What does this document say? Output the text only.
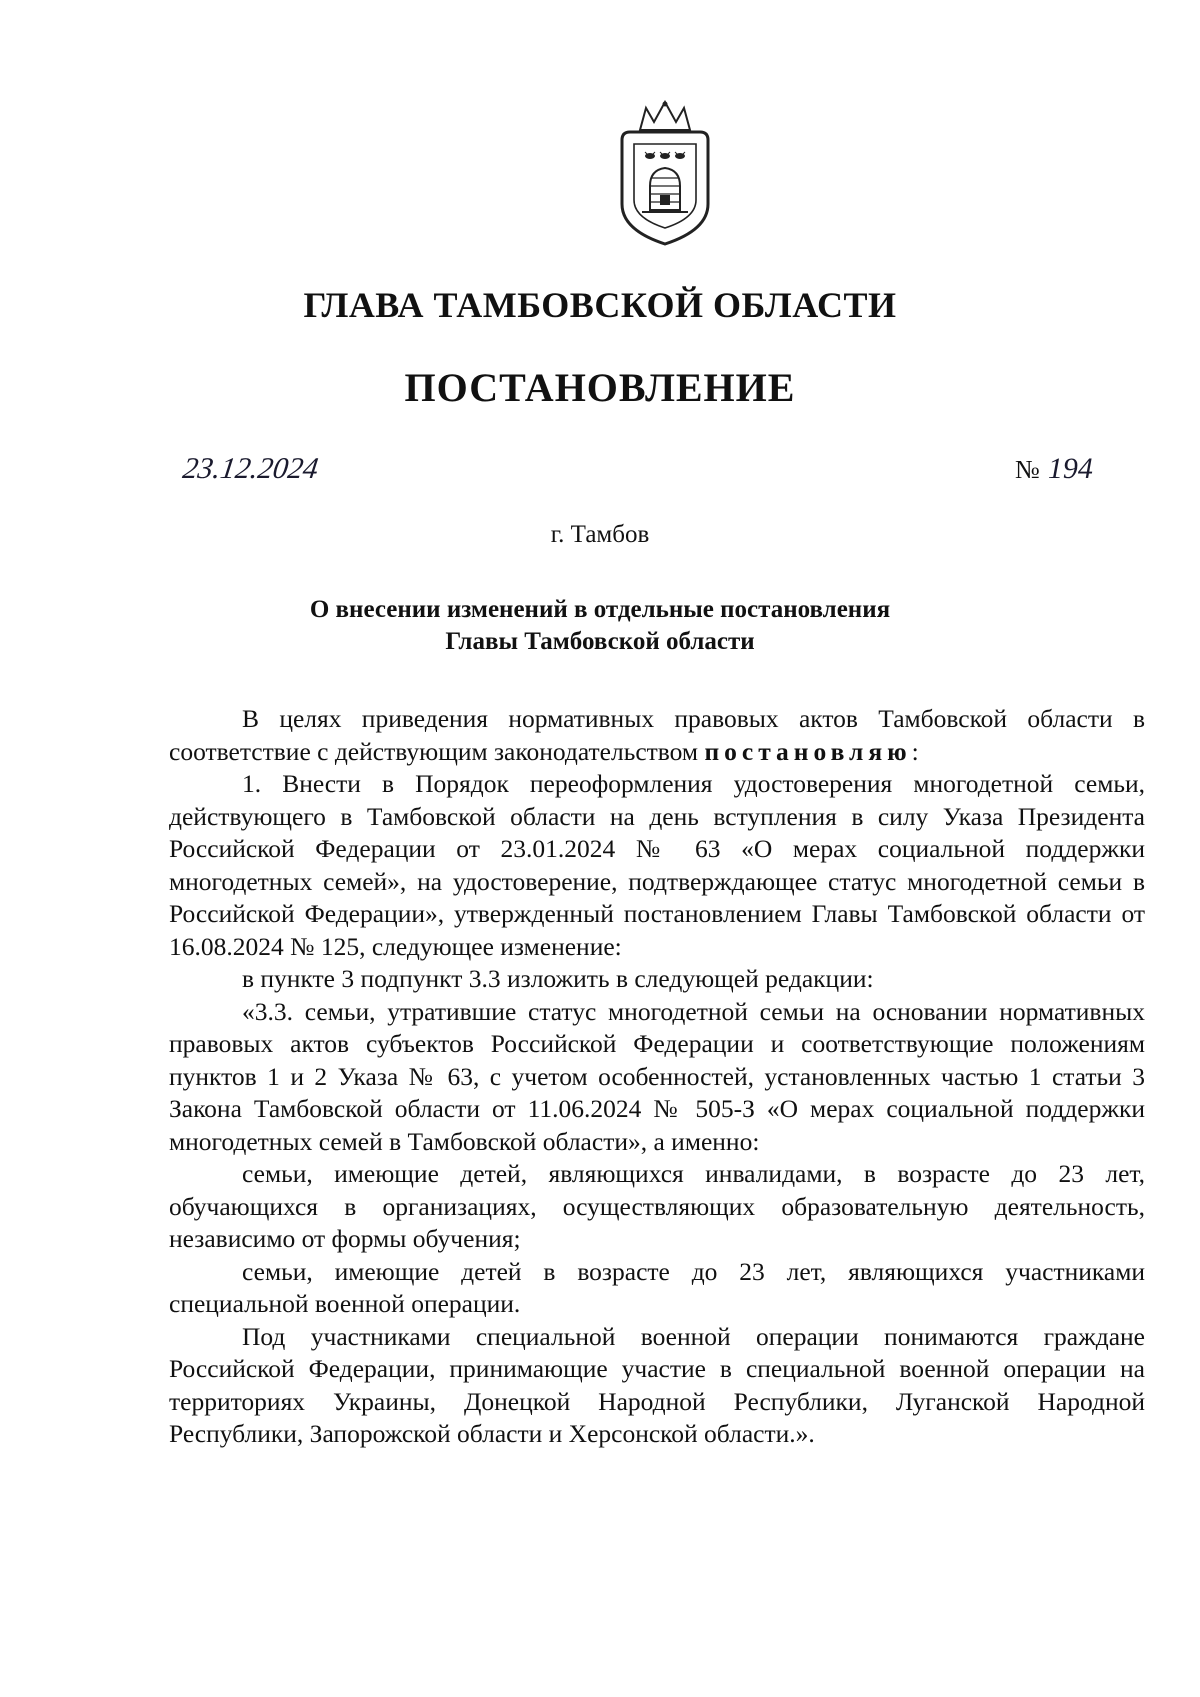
ГЛАВА ТАМБОВСКОЙ ОБЛАСТИ
ПОСТАНОВЛЕНИЕ
23.12.2024	№ 194
г. Тамбов
О внесении изменений в отдельные постановления
Главы Тамбовской области

В целях приведения нормативных правовых актов Тамбовской области в соответствие с действующим законодательством постановляю:

1. Внести в Порядок переоформления удостоверения многодетной семьи, действующего в Тамбовской области на день вступления в силу Указа Президента Российской Федерации от 23.01.2024 № 63 «О мерах социальной поддержки многодетных семей», на удостоверение, подтверждающее статус многодетной семьи в Российской Федерации», утвержденный постановлением Главы Тамбовской области от 16.08.2024 № 125, следующее изменение:

в пункте 3 подпункт 3.3 изложить в следующей редакции:

«3.3. семьи, утратившие статус многодетной семьи на основании нормативных правовых актов субъектов Российской Федерации и соответствующие положениям пунктов 1 и 2 Указа № 63, с учетом особенностей, установленных частью 1 статьи 3 Закона Тамбовской области от 11.06.2024 № 505-З «О мерах социальной поддержки многодетных семей в Тамбовской области», а именно:

семьи, имеющие детей, являющихся инвалидами, в возрасте до 23 лет, обучающихся в организациях, осуществляющих образовательную деятельность, независимо от формы обучения;

семьи, имеющие детей в возрасте до 23 лет, являющихся участниками специальной военной операции.

Под участниками специальной военной операции понимаются граждане Российской Федерации, принимающие участие в специальной военной операции на территориях Украины, Донецкой Народной Республики, Луганской Народной Республики, Запорожской области и Херсонской области.».
